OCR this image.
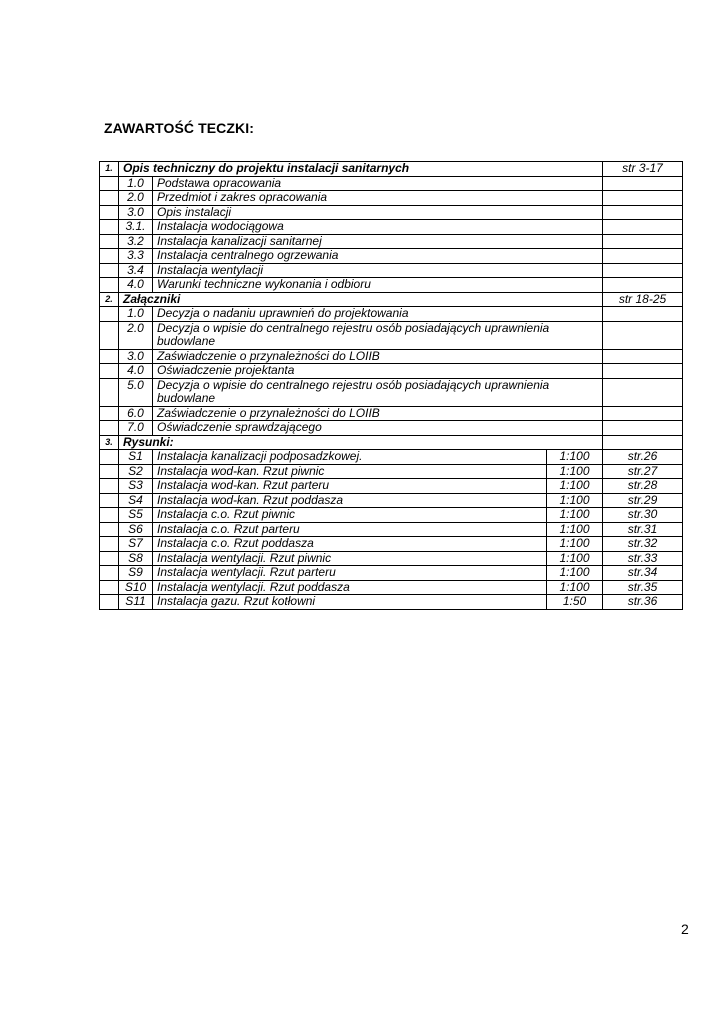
ZAWARTOŚĆ TECZKI:
1.	Opis techniczny do projektu instalacji sanitarnych			str 3-17
	1.0	Podstawa opracowania		
	2.0	Przedmiot i zakres opracowania		
	3.0	Opis instalacji		
	3.1.	Instalacja wodociągowa		
	3.2	Instalacja kanalizacji sanitarnej		
	3.3	Instalacja centralnego ogrzewania		
	3.4	Instalacja wentylacji		
	4.0	Warunki techniczne wykonania i odbioru		
2.	Załączniki			str 18-25
	1.0	Decyzja o nadaniu uprawnień do projektowania		
	2.0	Decyzja o wpisie do centralnego rejestru osób posiadających uprawnienia budowlane		
	3.0	Zaświadczenie o przynależności do LOIIB		
	4.0	Oświadczenie projektanta		
	5.0	Decyzja o wpisie do centralnego rejestru osób posiadających uprawnienia budowlane		
	6.0	Zaświadczenie o przynależności do LOIIB		
	7.0	Oświadczenie sprawdzającego		
3.	Rysunki:			
	S1	Instalacja kanalizacji podposadzkowej.	1:100	str.26
	S2	Instalacja wod-kan. Rzut piwnic	1:100	str.27
	S3	Instalacja wod-kan. Rzut parteru	1:100	str.28
	S4	Instalacja wod-kan. Rzut poddasza	1:100	str.29
	S5	Instalacja c.o. Rzut piwnic	1:100	str.30
	S6	Instalacja c.o. Rzut parteru	1:100	str.31
	S7	Instalacja c.o. Rzut poddasza	1:100	str.32
	S8	Instalacja wentylacji. Rzut piwnic	1:100	str.33
	S9	Instalacja wentylacji. Rzut parteru	1:100	str.34
	S10	Instalacja wentylacji. Rzut poddasza	1:100	str.35
	S11	Instalacja gazu. Rzut kotłowni	1:50	str.36
2
